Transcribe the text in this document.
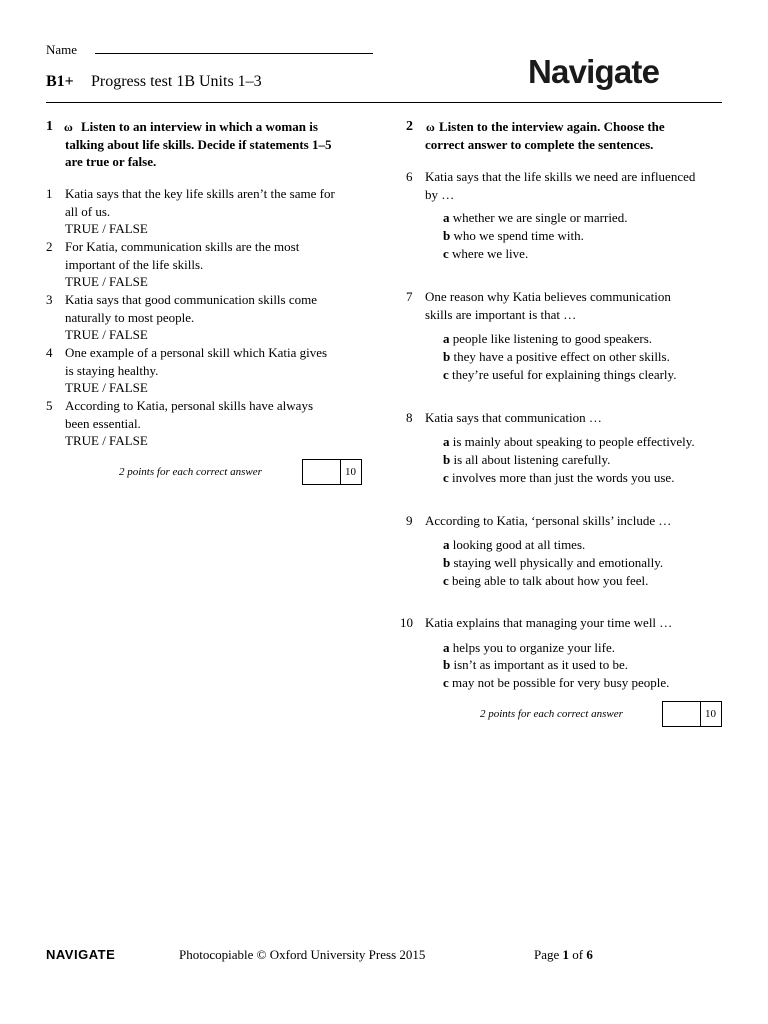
Name
B1+ Progress test 1B Units 1–3	Navigate
1 ω Listen to an interview in which a woman is
talking about life skills. Decide if statements 1–5
are true or false.
1 Katia says that the key life skills aren’t the same for
all of us.
TRUE / FALSE
2 For Katia, communication skills are the most
important of the life skills.
TRUE / FALSE
3 Katia says that good communication skills come
naturally to most people.
TRUE / FALSE
4 One example of a personal skill which Katia gives
is staying healthy.
TRUE / FALSE
5 According to Katia, personal skills have always
been essential.
TRUE / FALSE
2 points for each correct answer	10
2 ω Listen to the interview again. Choose the
correct answer to complete the sentences.
6 Katia says that the life skills we need are influenced
by …
a whether we are single or married.
b who we spend time with.
c where we live.
7 One reason why Katia believes communication
skills are important is that …
a people like listening to good speakers.
b they have a positive effect on other skills.
c they’re useful for explaining things clearly.
8 Katia says that communication …
a is mainly about speaking to people effectively.
b is all about listening carefully.
c involves more than just the words you use.
9 According to Katia, ‘personal skills’ include …
a looking good at all times.
b staying well physically and emotionally.
c being able to talk about how you feel.
10 Katia explains that managing your time well …
a helps you to organize your life.
b isn’t as important as it used to be.
c may not be possible for very busy people.
2 points for each correct answer	10
NAVIGATE	Photocopiable © Oxford University Press 2015	Page 1 of 6
